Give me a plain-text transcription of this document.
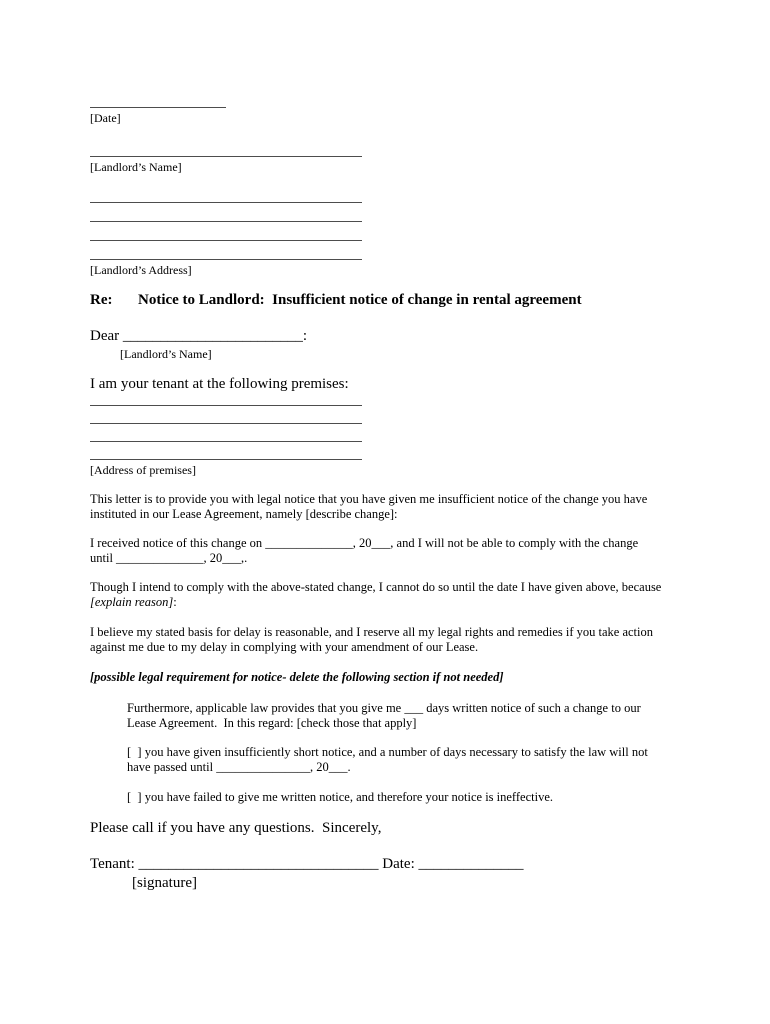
[Date]
[Landlord’s Name]
[Landlord’s Address]
Re: Notice to Landlord:  Insufficient notice of change in rental agreement
Dear ________________________:
[Landlord’s Name]
I am your tenant at the following premises:
[Address of premises]
This letter is to provide you with legal notice that you have given me insufficient notice of the change you have
instituted in our Lease Agreement, namely [describe change]:
I received notice of this change on ______________, 20___, and I will not be able to comply with the change
until ______________, 20___,.
Though I intend to comply with the above-stated change, I cannot do so until the date I have given above, because
[explain reason]:
I believe my stated basis for delay is reasonable, and I reserve all my legal rights and remedies if you take action
against me due to my delay in complying with your amendment of our Lease.
[possible legal requirement for notice- delete the following section if not needed]
Furthermore, applicable law provides that you give me ___ days written notice of such a change to our
Lease Agreement.  In this regard: [check those that apply]
[  ] you have given insufficiently short notice, and a number of days necessary to satisfy the law will not
have passed until _______________, 20___.
[  ] you have failed to give me written notice, and therefore your notice is ineffective.
Please call if you have any questions.  Sincerely,
Tenant: ________________________________ Date: ______________
[signature]
